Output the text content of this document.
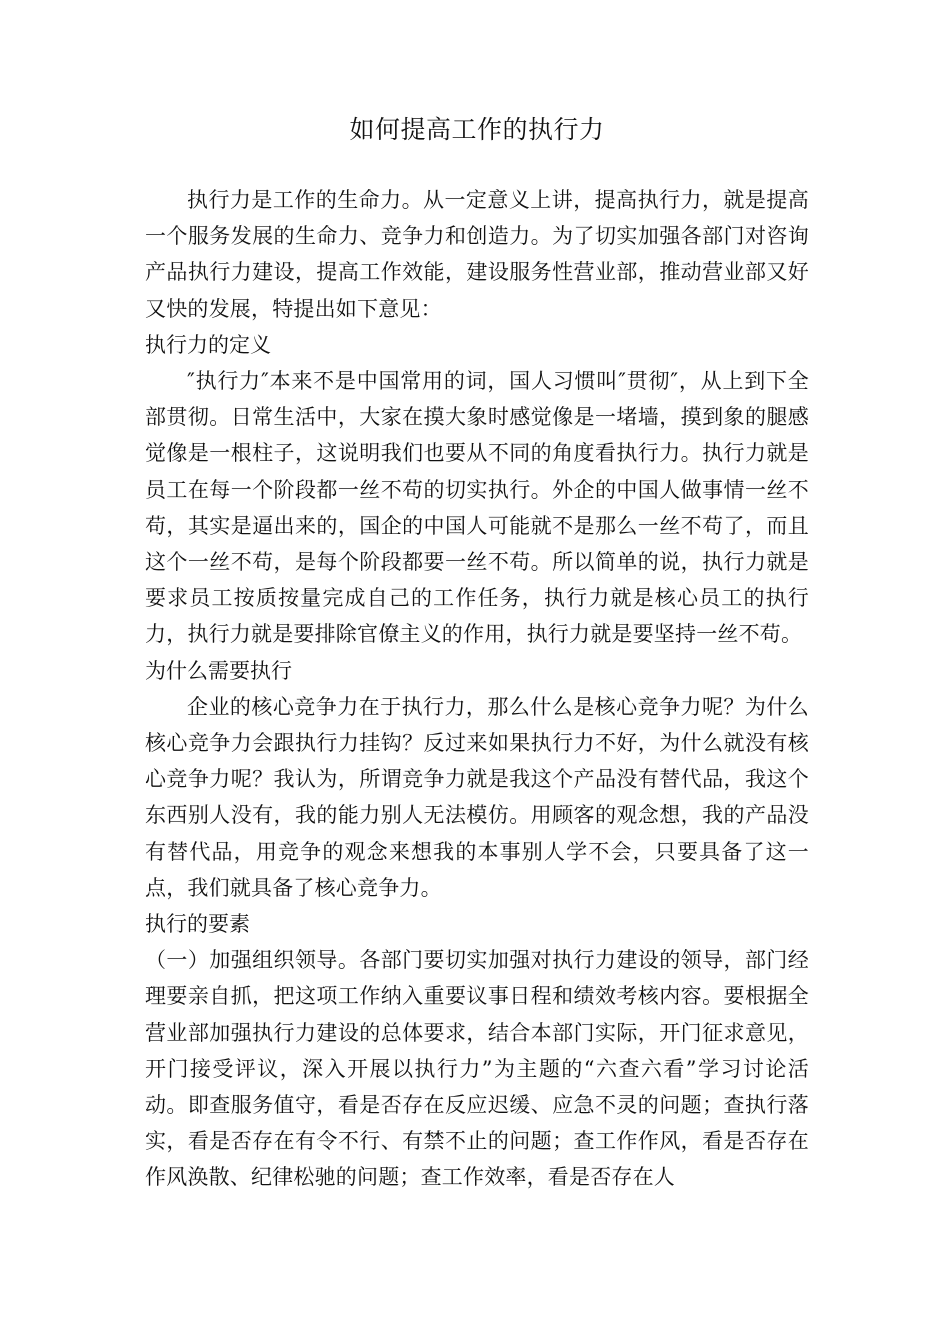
如何提高工作的执行力

执行力是工作的生命力。从一定意义上讲，提高执行力，就是提高一个服务发展的生命力、竞争力和创造力。为了切实加强各部门对咨询产品执行力建设，提高工作效能，建设服务性营业部，推动营业部又好又快的发展，特提出如下意见：

执行力的定义

″执行力″本来不是中国常用的词，国人习惯叫″贯彻″，从上到下全部贯彻。日常生活中，大家在摸大象时感觉像是一堵墙，摸到象的腿感觉像是一根柱子，这说明我们也要从不同的角度看执行力。执行力就是员工在每一个阶段都一丝不苟的切实执行。外企的中国人做事情一丝不苟，其实是逼出来的，国企的中国人可能就不是那么一丝不苟了，而且这个一丝不苟，是每个阶段都要一丝不苟。所以简单的说，执行力就是要求员工按质按量完成自己的工作任务，执行力就是核心员工的执行力，执行力就是要排除官僚主义的作用，执行力就是要坚持一丝不苟。

为什么需要执行

企业的核心竞争力在于执行力，那么什么是核心竞争力呢？为什么核心竞争力会跟执行力挂钩？反过来如果执行力不好，为什么就没有核心竞争力呢？我认为，所谓竞争力就是我这个产品没有替代品，我这个东西别人没有，我的能力别人无法模仿。用顾客的观念想，我的产品没有替代品，用竞争的观念来想我的本事别人学不会，只要具备了这一点，我们就具备了核心竞争力。

执行的要素

（一）加强组织领导。各部门要切实加强对执行力建设的领导，部门经理要亲自抓，把这项工作纳入重要议事日程和绩效考核内容。要根据全营业部加强执行力建设的总体要求，结合本部门实际，开门征求意见，开门接受评议，深入开展以执行力”为主题的“六查六看”学习讨论活动。即查服务值守，看是否存在反应迟缓、应急不灵的问题；查执行落实，看是否存在有令不行、有禁不止的问题；查工作作风，看是否存在作风涣散、纪律松驰的问题；查工作效率，看是否存在人
